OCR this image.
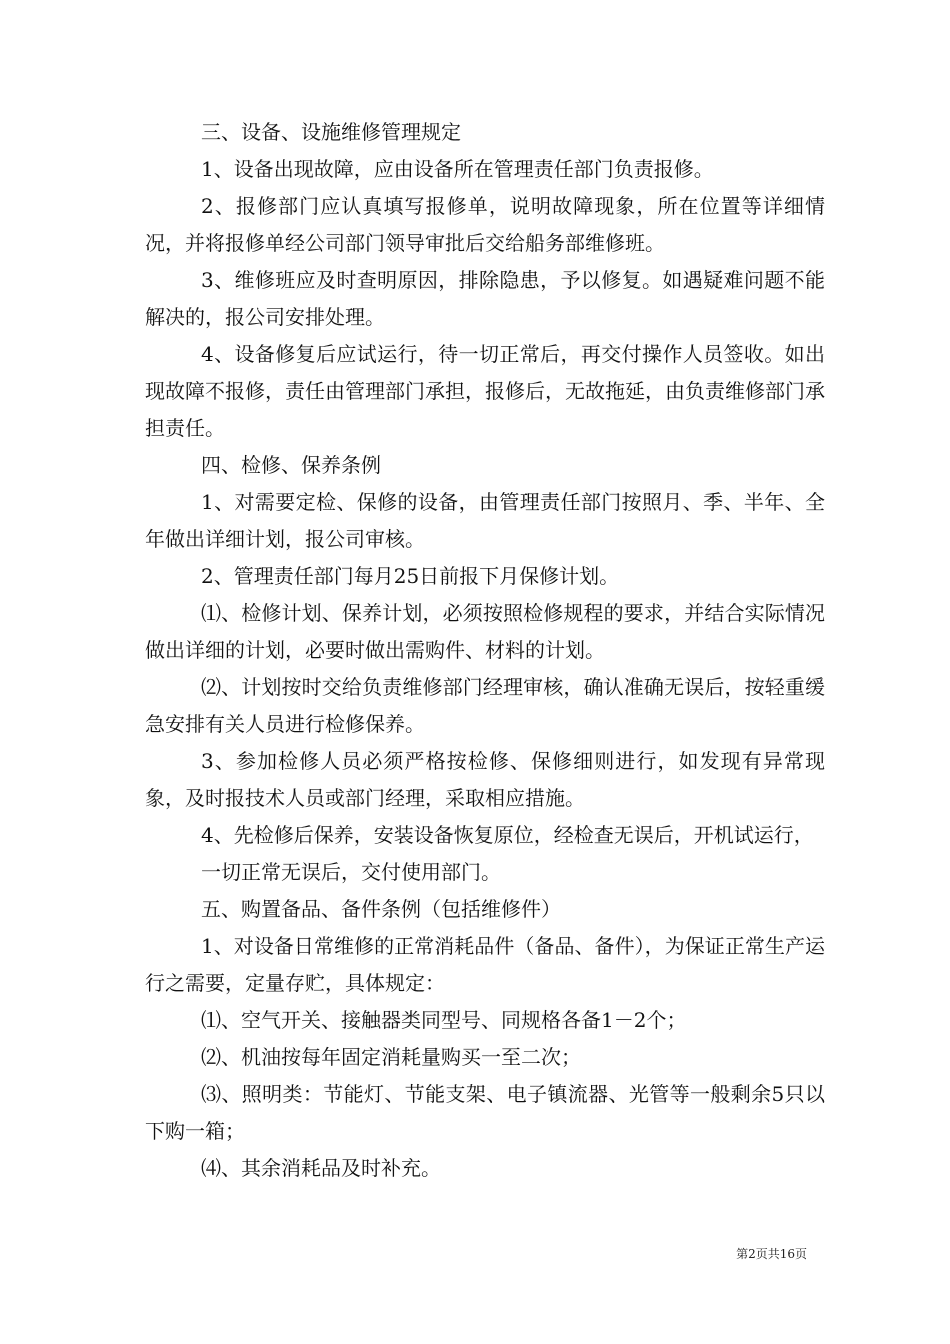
三、设备、设施维修管理规定

1、设备出现故障，应由设备所在管理责任部门负责报修。

2、报修部门应认真填写报修单，说明故障现象，所在位置等详细情况，并将报修单经公司部门领导审批后交给船务部维修班。

3、维修班应及时查明原因，排除隐患，予以修复。如遇疑难问题不能解决的，报公司安排处理。

4、设备修复后应试运行，待一切正常后，再交付操作人员签收。如出现故障不报修，责任由管理部门承担，报修后，无故拖延，由负责维修部门承担责任。

四、检修、保养条例

1、对需要定检、保修的设备，由管理责任部门按照月、季、半年、全年做出详细计划，报公司审核。

2、管理责任部门每月25日前报下月保修计划。

⑴、检修计划、保养计划，必须按照检修规程的要求，并结合实际情况做出详细的计划，必要时做出需购件、材料的计划。

⑵、计划按时交给负责维修部门经理审核，确认准确无误后，按轻重缓急安排有关人员进行检修保养。

3、参加检修人员必须严格按检修、保修细则进行，如发现有异常现象，及时报技术人员或部门经理，采取相应措施。

4、先检修后保养，安装设备恢复原位，经检查无误后，开机试运行，

一切正常无误后，交付使用部门。

五、购置备品、备件条例（包括维修件）

1、对设备日常维修的正常消耗品件（备品、备件），为保证正常生产运行之需要，定量存贮，具体规定：

⑴、空气开关、接触器类同型号、同规格各备1－2个；

⑵、机油按每年固定消耗量购买一至二次；

⑶、照明类：节能灯、节能支架、电子镇流器、光管等一般剩余5只以下购一箱；

⑷、其余消耗品及时补充。

第2页共16页
